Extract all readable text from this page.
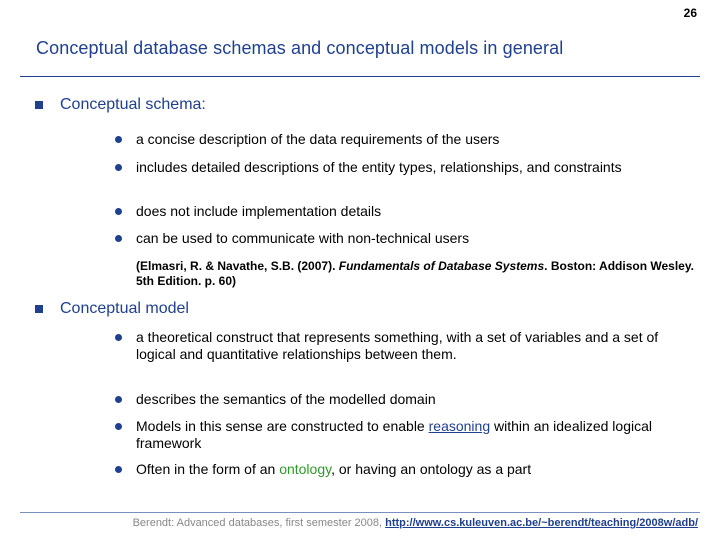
26
Conceptual database schemas and conceptual models in general
Conceptual schema:
a concise description of the data requirements of the users
includes detailed descriptions of the entity types, relationships, and constraints
does not include implementation details
can be used to communicate with non-technical users
(Elmasri, R. & Navathe, S.B. (2007). Fundamentals of Database Systems. Boston: Addison Wesley. 5th Edition. p. 60)
Conceptual model
a theoretical construct that represents something, with a set of variables and a set of logical and quantitative relationships between them.
describes the semantics of the modelled domain
Models in this sense are constructed to enable reasoning within an idealized logical framework
Often in the form of an ontology, or having an ontology as a part
Berendt: Advanced databases, first semester 2008, http://www.cs.kuleuven.ac.be/~berendt/teaching/2008w/adb/
